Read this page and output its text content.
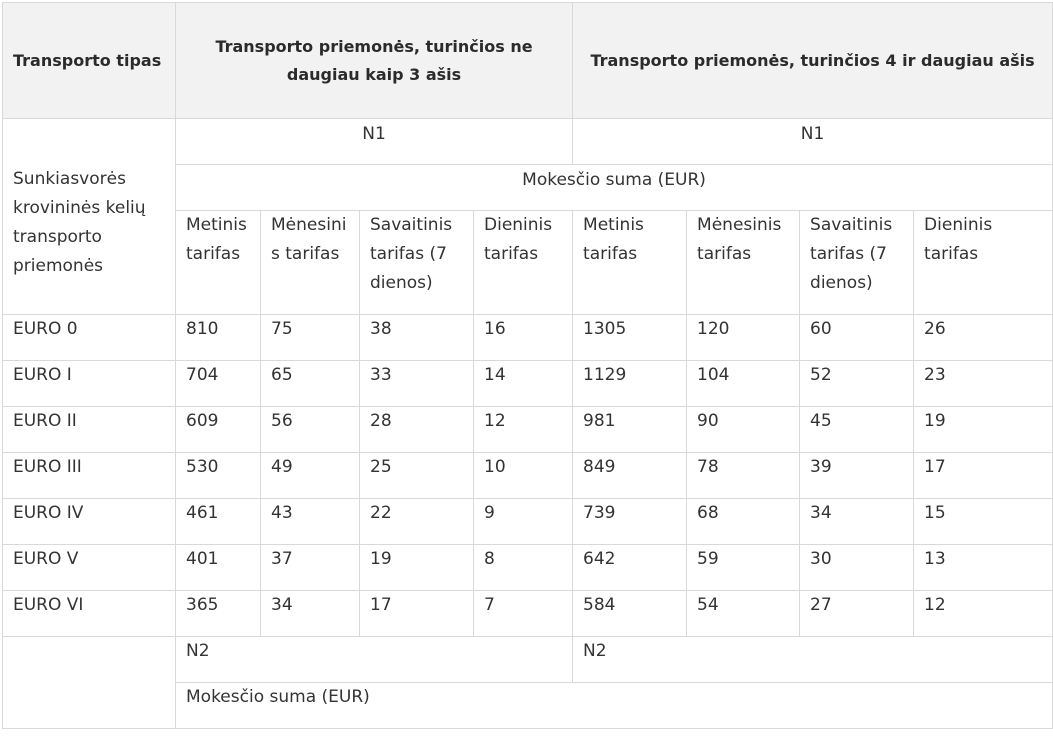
Transporto tipas	Transporto priemonės, turinčios ne daugiau kaip 3 ašis				Transporto priemonės, turinčios 4 ir daugiau ašis			
Sunkiasvorės krovininės kelių transporto priemonės	N1				N1			
	Mokesčio suma (EUR)							
	Metinis tarifas	Mėnesinis tarifas	Savaitinis tarifas (7 dienos)	Dieninis tarifas	Metinis tarifas	Mėnesinis tarifas	Savaitinis tarifas (7 dienos)	Dieninis tarifas
EURO 0	810	75	38	16	1305	120	60	26
EURO I	704	65	33	14	1129	104	52	23
EURO II	609	56	28	12	981	90	45	19
EURO III	530	49	25	10	849	78	39	17
EURO IV	461	43	22	9	739	68	34	15
EURO V	401	37	19	8	642	59	30	13
EURO VI	365	34	17	7	584	54	27	12
	N2				N2			
	Mokesčio suma (EUR)							
